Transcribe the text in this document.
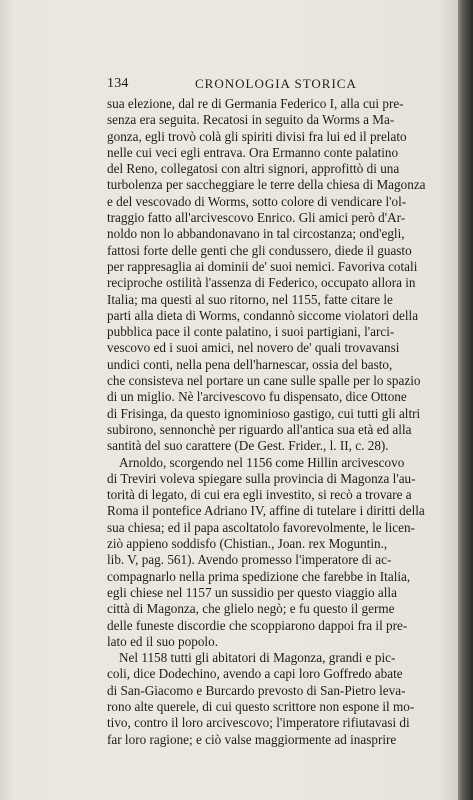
134	CRONOLOGIA STORICA
sua elezione, dal re di Germania Federico I, alla cui pre-
senza era seguita. Recatosi in seguito da Worms a Ma-
gonza, egli trovò colà gli spiriti divisi fra lui ed il prelato
nelle cui veci egli entrava. Ora Ermanno conte palatino
del Reno, collegatosi con altri signori, approfittò di una
turbolenza per saccheggiare le terre della chiesa di Magonza
e del vescovado di Worms, sotto colore di vendicare l'ol-
traggio fatto all'arcivescovo Enrico. Gli amici però d'Ar-
noldo non lo abbandonavano in tal circostanza; ond'egli,
fattosi forte delle genti che gli condussero, diede il guasto
per rappresaglia ai dominii de' suoi nemici. Favoriva cotali
reciproche ostilità l'assenza di Federico, occupato allora in
Italia; ma questi al suo ritorno, nel 1155, fatte citare le
parti alla dieta di Worms, condannò siccome violatori della
pubblica pace il conte palatino, i suoi partigiani, l'arci-
vescovo ed i suoi amici, nel novero de' quali trovavansi
undici conti, nella pena dell'harnescar, ossia del basto,
che consisteva nel portare un cane sulle spalle per lo spazio
di un miglio. Nè l'arcivescovo fu dispensato, dice Ottone
di Frisinga, da questo ignominioso gastigo, cui tutti gli altri
subirono, sennonchè per riguardo all'antica sua età ed alla
santità del suo carattere (De Gest. Frider., l. II, c. 28).
Arnoldo, scorgendo nel 1156 come Hillin arcivescovo
di Treviri voleva spiegare sulla provincia di Magonza l'au-
torità di legato, di cui era egli investito, si recò a trovare a
Roma il pontefice Adriano IV, affine di tutelare i diritti della
sua chiesa; ed il papa ascoltatolo favorevolmente, le licen-
ziò appieno soddisfo (Chistian., Joan. rex Moguntin.,
lib. V, pag. 561). Avendo promesso l'imperatore di ac-
compagnarlo nella prima spedizione che farebbe in Italia,
egli chiese nel 1157 un sussidio per questo viaggio alla
città di Magonza, che glielo negò; e fu questo il germe
delle funeste discordie che scoppiarono dappoi fra il pre-
lato ed il suo popolo.
Nel 1158 tutti gli abitatori di Magonza, grandi e pic-
coli, dice Dodechino, avendo a capi loro Goffredo abate
di San-Giacomo e Burcardo prevosto di San-Pietro leva-
rono alte querele, di cui questo scrittore non espone il mo-
tivo, contro il loro arcivescovo; l'imperatore rifiutavasi di
far loro ragione; e ciò valse maggiormente ad inasprire
